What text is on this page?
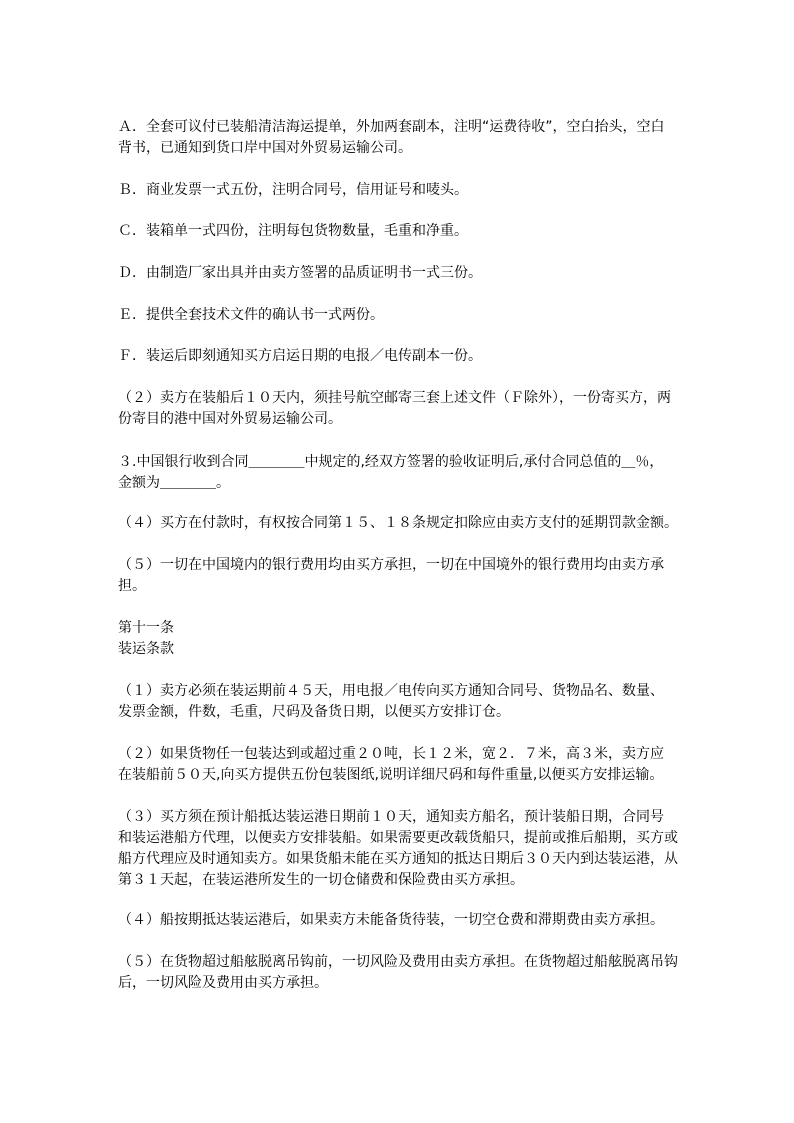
Ａ．全套可议付已装船清洁海运提单，外加两套副本，注明“运费待收”，空白抬头，空白
背书，已通知到货口岸中国对外贸易运输公司。

Ｂ．商业发票一式五份，注明合同号，信用证号和唛头。

Ｃ．装箱单一式四份，注明每包货物数量，毛重和净重。

Ｄ．由制造厂家出具并由卖方签署的品质证明书一式三份。

Ｅ．提供全套技术文件的确认书一式两份。

Ｆ．装运后即刻通知买方启运日期的电报／电传副本一份。

（２）卖方在装船后１０天内，须挂号航空邮寄三套上述文件（Ｆ除外），一份寄买方，两
份寄目的港中国对外贸易运输公司。

３.中国银行收到合同＿＿＿＿中规定的,经双方签署的验收证明后,承付合同总值的＿％，
金额为＿＿＿＿。

（４）买方在付款时，有权按合同第１５、１８条规定扣除应由卖方支付的延期罚款金额。

（５）一切在中国境内的银行费用均由买方承担，一切在中国境外的银行费用均由卖方承
担。

第十一条
装运条款

（１）卖方必须在装运期前４５天，用电报／电传向买方通知合同号、货物品名、数量、
发票金额，件数，毛重，尺码及备货日期，以便买方安排订仓。

（２）如果货物任一包装达到或超过重２０吨，长１２米，宽２．７米，高３米，卖方应
在装船前５０天,向买方提供五份包装图纸,说明详细尺码和每件重量,以便买方安排运输。

（３）买方须在预计船抵达装运港日期前１０天，通知卖方船名，预计装船日期，合同号
和装运港船方代理，以便卖方安排装船。如果需要更改载货船只，提前或推后船期，买方或
船方代理应及时通知卖方。如果货船未能在买方通知的抵达日期后３０天内到达装运港，从
第３１天起，在装运港所发生的一切仓储费和保险费由买方承担。

（４）船按期抵达装运港后，如果卖方未能备货待装，一切空仓费和滞期费由卖方承担。

（５）在货物超过船舷脱离吊钩前，一切风险及费用由卖方承担。在货物超过船舷脱离吊钩
后，一切风险及费用由买方承担。
